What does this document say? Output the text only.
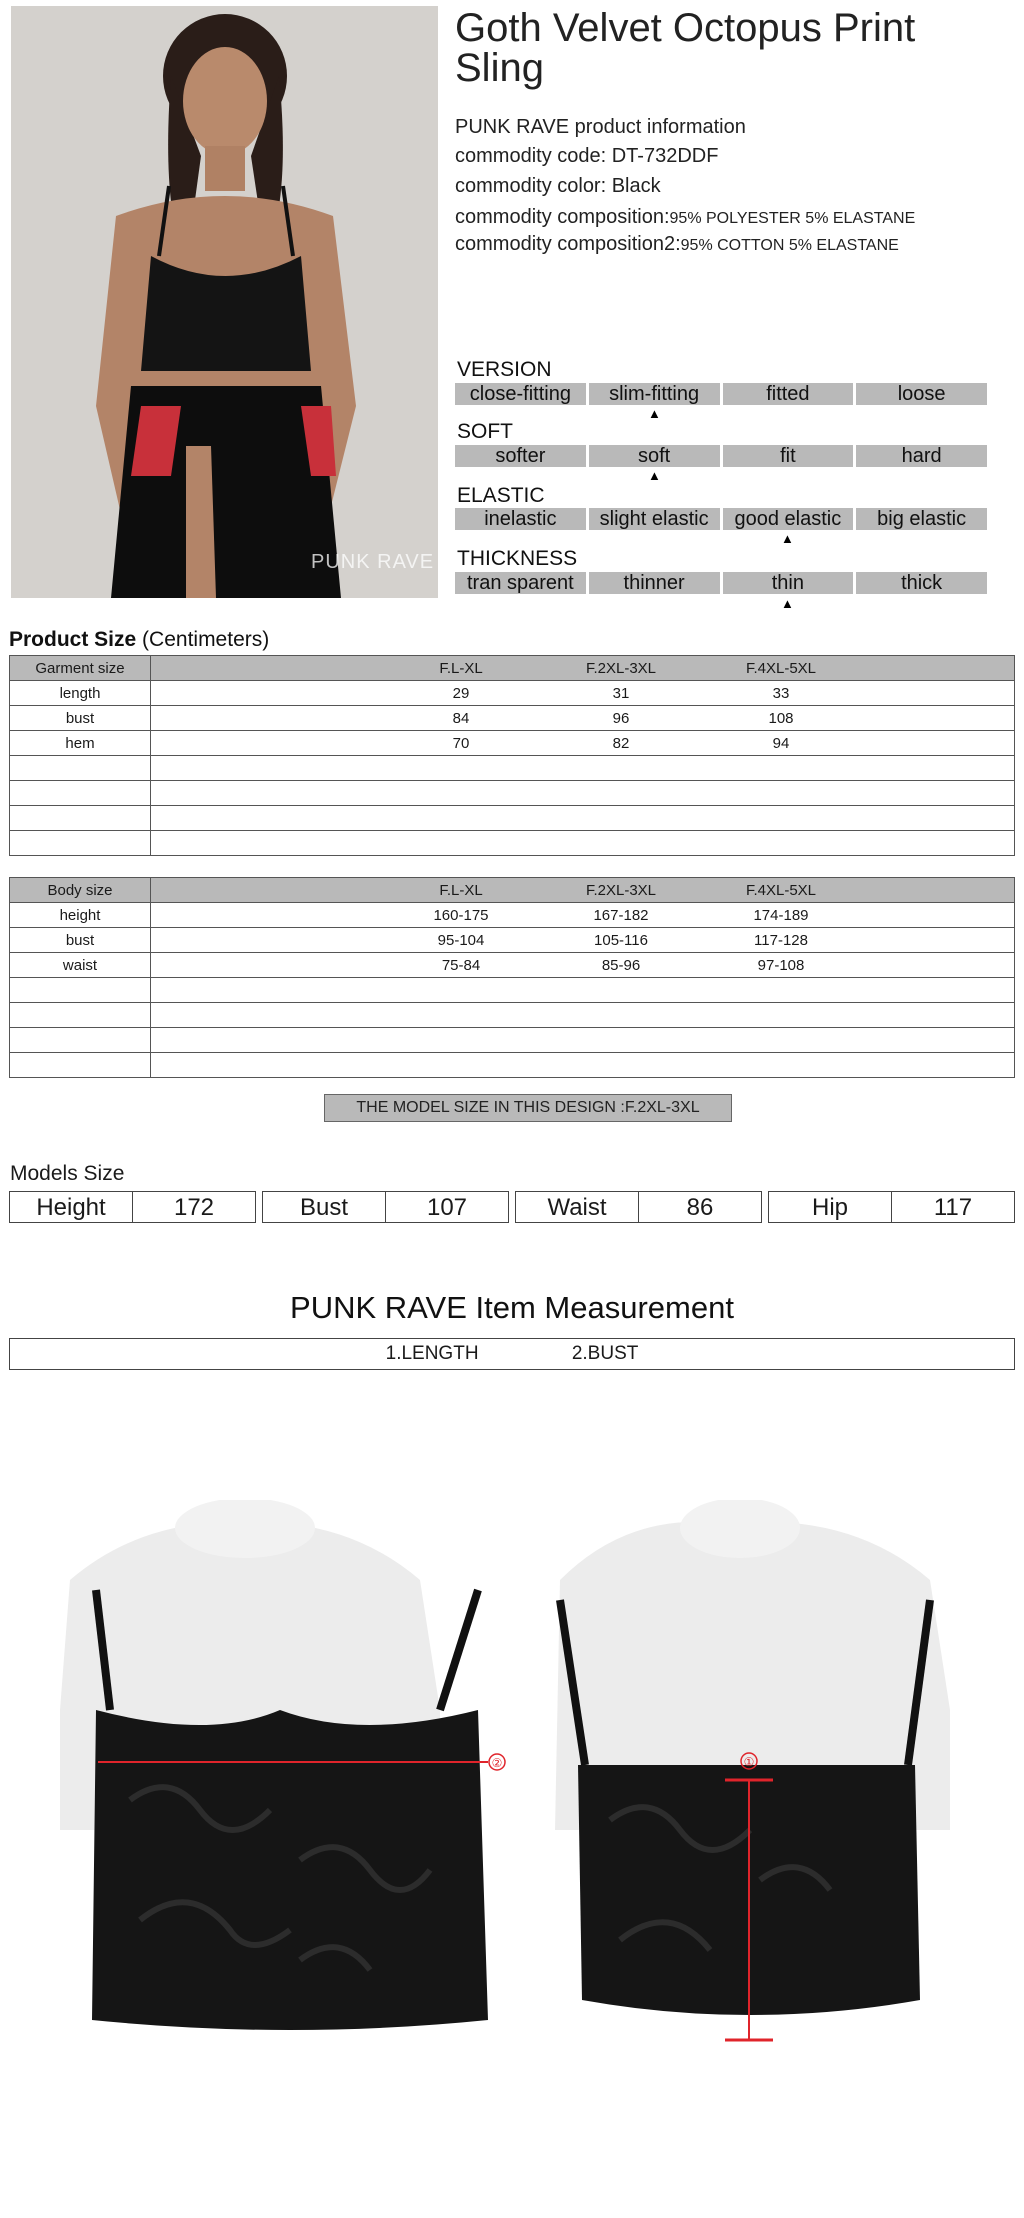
PUNK RAVE
Goth Velvet Octopus Print Sling
PUNK RAVE product information
commodity code: DT-732DDF
commodity color: Black
commodity composition:95% POLYESTER 5% ELASTANE
commodity composition2:95% COTTON 5% ELASTANE
VERSION
close-fitting	slim-fitting	fitted	loose
▲
SOFT
softer	soft	fit	hard
▲
ELASTIC
inelastic	slight elastic	good elastic	big elastic
▲
THICKNESS
tran sparent	thinner	thin	thick
▲
Product Size (Centimeters)
Garment size	F.L-XL F.2XL-3XL F.4XL-5XL

length	29 31 33

bust	84 96 108

hem	70 82 94

Body size	F.L-XL F.2XL-3XL F.4XL-5XL

height	160-175 167-182 174-189

bust	95-104 105-116 117-128

waist	75-84 85-96 97-108

THE MODEL SIZE IN THIS DESIGN :F.2XL-3XL
Models Size
Height	172	Bust	107	Waist	86	Hip	117
PUNK RAVE Item Measurement
1.LENGTH	2.BUST
②	①
